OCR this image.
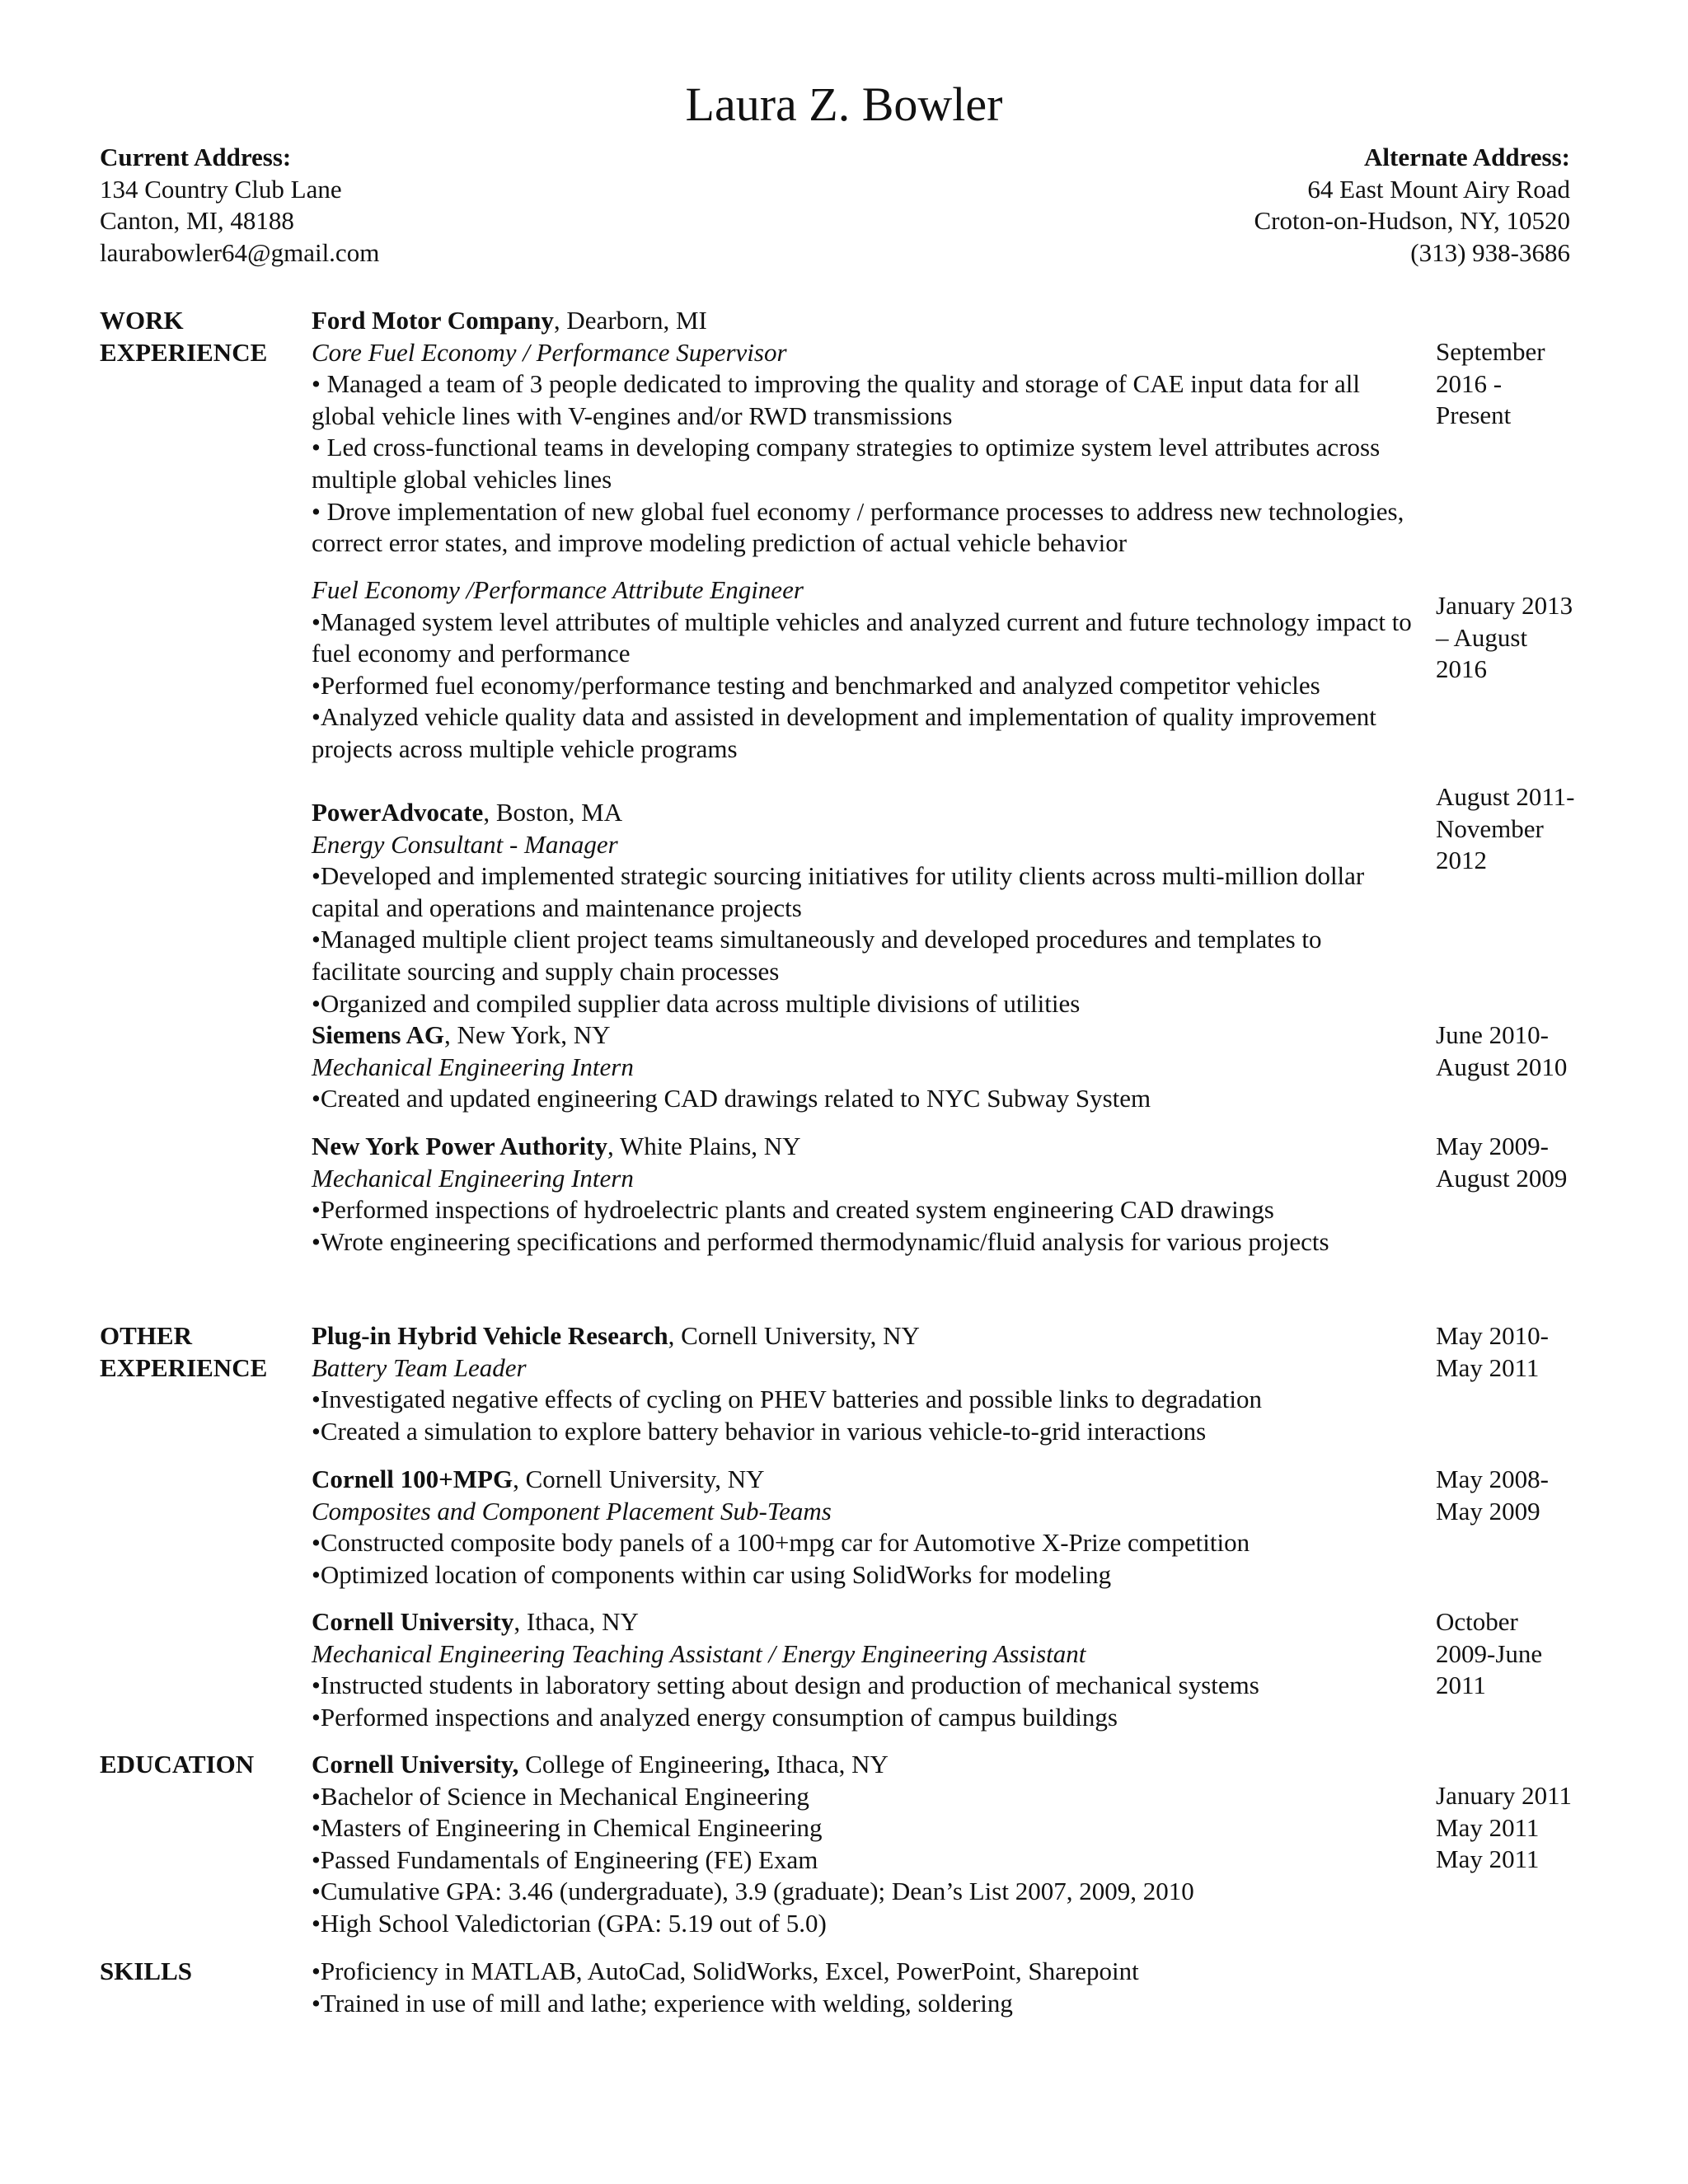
Laura Z. Bowler
Current Address:
134 Country Club Lane
Canton, MI, 48188
laurabowler64@gmail.com
Alternate Address:
64 East Mount Airy Road
Croton-on-Hudson, NY, 10520
(313) 938-3686
WORK
EXPERIENCE
Ford Motor Company, Dearborn, MI
Core Fuel Economy / Performance Supervisor
• Managed a team of 3 people dedicated to improving the quality and storage of CAE input data for all global vehicle lines with V-engines and/or RWD transmissions
• Led cross-functional teams in developing company strategies to optimize system level attributes across multiple global vehicles lines
• Drove implementation of new global fuel economy / performance processes to address new technologies, correct error states, and improve modeling prediction of actual vehicle behavior
September
2016 -
Present
Fuel Economy /Performance Attribute Engineer
•Managed system level attributes of multiple vehicles and analyzed current and future technology impact to fuel economy and performance
•Performed fuel economy/performance testing and benchmarked and analyzed competitor vehicles
•Analyzed vehicle quality data and assisted in development and implementation of quality improvement projects across multiple vehicle programs
January 2013
– August
2016
PowerAdvocate, Boston, MA
Energy Consultant - Manager
•Developed and implemented strategic sourcing initiatives for utility clients across multi-million dollar capital and operations and maintenance projects
•Managed multiple client project teams simultaneously and developed procedures and templates to facilitate sourcing and supply chain processes
•Organized and compiled supplier data across multiple divisions of utilities
August 2011-
November
2012
Siemens AG, New York, NY
Mechanical Engineering Intern
•Created and updated engineering CAD drawings related to NYC Subway System
June 2010-
August 2010
New York Power Authority, White Plains, NY
Mechanical Engineering Intern
•Performed inspections of hydroelectric plants and created system engineering CAD drawings
•Wrote engineering specifications and performed thermodynamic/fluid analysis for various projects
May 2009-
August 2009
OTHER
EXPERIENCE
Plug-in Hybrid Vehicle Research, Cornell University, NY
Battery Team Leader
•Investigated negative effects of cycling on PHEV batteries and possible links to degradation
•Created a simulation to explore battery behavior in various vehicle-to-grid interactions
May 2010-
May 2011
Cornell 100+MPG, Cornell University, NY
Composites and Component Placement Sub-Teams
•Constructed composite body panels of a 100+mpg car for Automotive X-Prize competition
•Optimized location of components within car using SolidWorks for modeling
May 2008-
May 2009
Cornell University, Ithaca, NY
Mechanical Engineering Teaching Assistant / Energy Engineering Assistant
•Instructed students in laboratory setting about design and production of mechanical systems
•Performed inspections and analyzed energy consumption of campus buildings
October
2009-June
2011
EDUCATION	Cornell University, College of Engineering, Ithaca, NY
•Bachelor of Science in Mechanical Engineering
•Masters of Engineering in Chemical Engineering
•Passed Fundamentals of Engineering (FE) Exam
•Cumulative GPA: 3.46 (undergraduate), 3.9 (graduate); Dean’s List 2007, 2009, 2010
•High School Valedictorian (GPA: 5.19 out of 5.0)
January 2011
May 2011
May 2011
SKILLS	•Proficiency in MATLAB, AutoCad, SolidWorks, Excel, PowerPoint, Sharepoint
•Trained in use of mill and lathe; experience with welding, soldering
